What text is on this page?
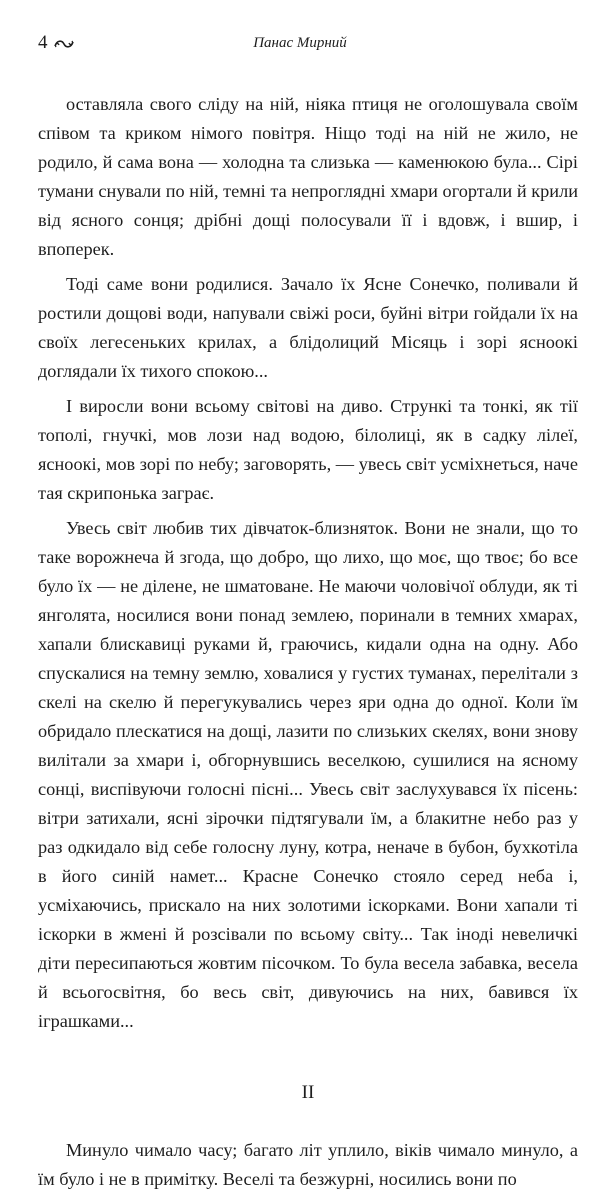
4	Панас Мирний

оставляла свого сліду на ній, ніяка птиця не оголошувала своїм співом та криком німого повітря. Ніщо тоді на ній не жило, не родило, й сама вона — холодна та слизька — каменюкою була... Сірі тумани снували по ній, темні та непроглядні хмари огортали й крили від ясного сонця; дрібні дощі полосували її і вдовж, і вшир, і впоперек.

Тоді саме вони родилися. Зачало їх Ясне Сонечко, поливали й ростили дощові води, напували свіжі роси, буйні вітри гойдали їх на своїх легесеньких крилах, а блідолиций Місяць і зорі ясноокі доглядали їх тихого спокою...

І виросли вони всьому світові на диво. Стрункі та тонкі, як тії тополі, гнучкі, мов лози над водою, білолиці, як в садку лілеї, ясноокі, мов зорі по небу; заговорять, — увесь світ усміхнеться, наче тая скрипонька заграє.

Увесь світ любив тих дівчаток-близняток. Вони не знали, що то таке ворожнеча й згода, що добро, що лихо, що моє, що твоє; бо все було їх — не ділене, не шматоване. Не маючи чоловічої облуди, як ті янголята, носилися вони понад землею, поринали в темних хмарах, хапали блискавиці руками й, граючись, кидали одна на одну. Або спускалися на темну землю, ховалися у густих туманах, перелітали з скелі на скелю й перегукувались через яри одна до одної. Коли їм обридало плескатися на дощі, лазити по слизьких скелях, вони знову вилітали за хмари і, обгорнувшись веселкою, сушилися на ясному сонці, виспівуючи голосні пісні... Увесь світ заслухувався їх пісень: вітри затихали, ясні зірочки підтягували їм, а блакитне небо раз у раз одкидало від себе голосну луну, котра, неначе в бубон, бухкотіла в його синій намет... Красне Сонечко стояло серед неба і, усміхаючись, прискало на них золотими іскорками. Вони хапали ті іскорки в жмені й розсівали по всьому світу... Так іноді невеличкі діти пересипаються жовтим пісочком. То була весела забавка, весела й всьогосвітня, бо весь світ, дивуючись на них, бавився їх іграшками...

II

Минуло чимало часу; багато літ уплило, віків чимало минуло, а їм було і не в примітку. Веселі та безжурні, носились вони по
